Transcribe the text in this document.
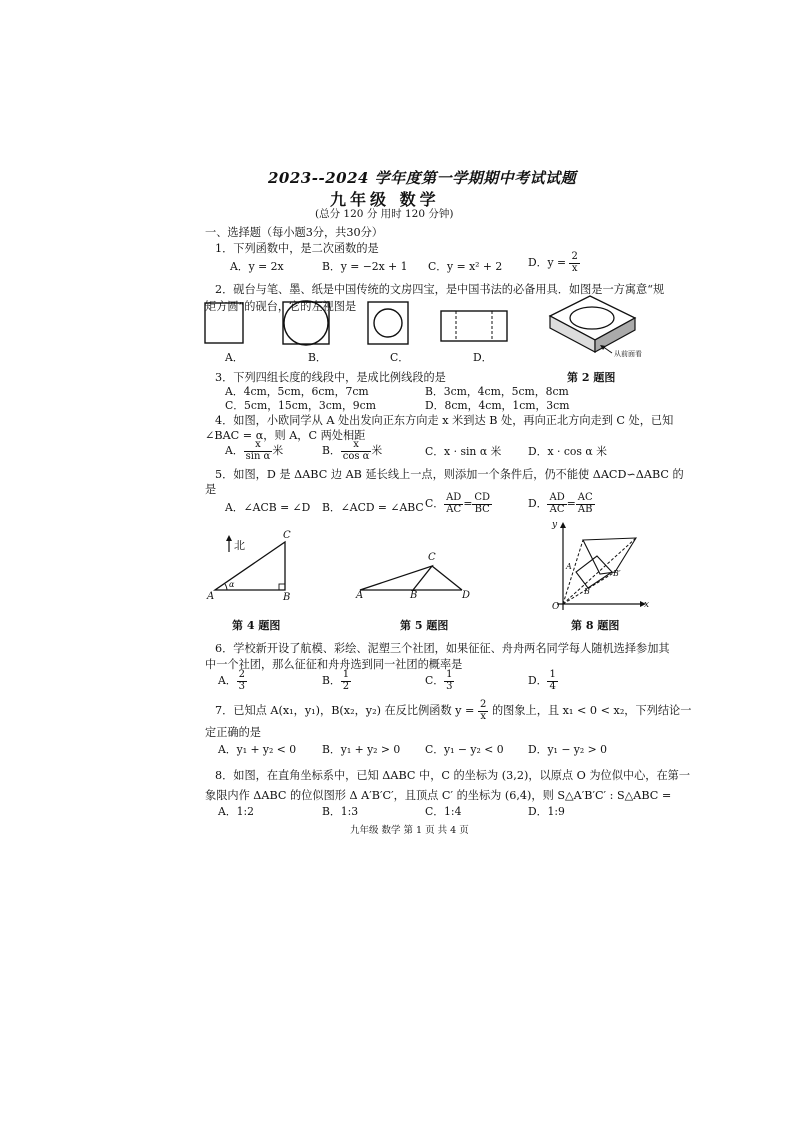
2023--2024 学年度第一学期期中考试试题
九年级 数学
(总分 120 分 用时 120 分钟)
一、选择题（每小题3分，共30分）
1．下列函数中，是二次函数的是
A．y = 2x	B．y = −2x + 1 C．y = x² + 2 D．$y = \frac{2}{x}$
2．砚台与笔、墨、纸是中国传统的文房四宝，是中国书法的必备用具．如图是一方寓意“规
矩方圆”的砚台，它的左视图是
从前面看
A．	B．	C．	D．
第 2 题图
3．下列四组长度的线段中，是成比例线段的是
A．4cm，5cm，6cm，7cm	B．3cm，4cm，5cm，8cm
C．5cm，15cm，3cm，9cm	D．8cm，4cm，1cm，3cm
4．如图，小欧同学从 A 处出发向正东方向走 x 米到达 B 处，再向正北方向走到 C 处，已知
∠BAC = α，则 A，C 两处相距
A． $\frac{x}{\text{sin α}}$ 米	B． $\frac{x}{\text{cos α}}$ 米	C．x · sin α 米 D．x · cos α 米
5．如图，D 是 ΔABC 边 AB 延长线上一点，则添加一个条件后，仍不能使 ΔACD∽ΔABC 的
是
A．∠ACB = ∠D B．∠ACD = ∠ABC C． $\frac{AD}{AC} = \frac{CD}{BC}$	D． $\frac{AD}{AC} = \frac{AC}{AB}$
北
C
A	B
α
第 4 题图
C
A	B	D
第 5 题图
y
x
O
A
B
B′
第 8 题图
6．学校新开设了航模、彩绘、泥塑三个社团，如果征征、舟舟两名同学每人随机选择参加其
中一个社团，那么征征和舟舟选到同一社团的概率是
A． $\frac{2}{3}$	B． $\frac{1}{2}$	C． $\frac{1}{3}$	D． $\frac{1}{4}$
7．已知点 A(x₁，y₁)，B(x₂，y₂) 在反比例函数 $y = \frac{2}{x}$ 的图象上，且 x₁ < 0 < x₂，下列结论一
定正确的是
A．y₁ + y₂ < 0 B．y₁ + y₂ > 0 C．y₁ − y₂ < 0 D．y₁ − y₂ > 0
8．如图，在直角坐标系中，已知 ΔABC 中，C 的坐标为 (3,2)，以原点 O 为位似中心，在第一
象限内作 ΔABC 的位似图形 Δ A′B′C′，且顶点 C′ 的坐标为 (6,4)，则 S△A′B′C′ : S△ABC =
A．1:2	B．1:3	C．1:4	D．1:9
九年级 数学 第 1 页 共 4 页
